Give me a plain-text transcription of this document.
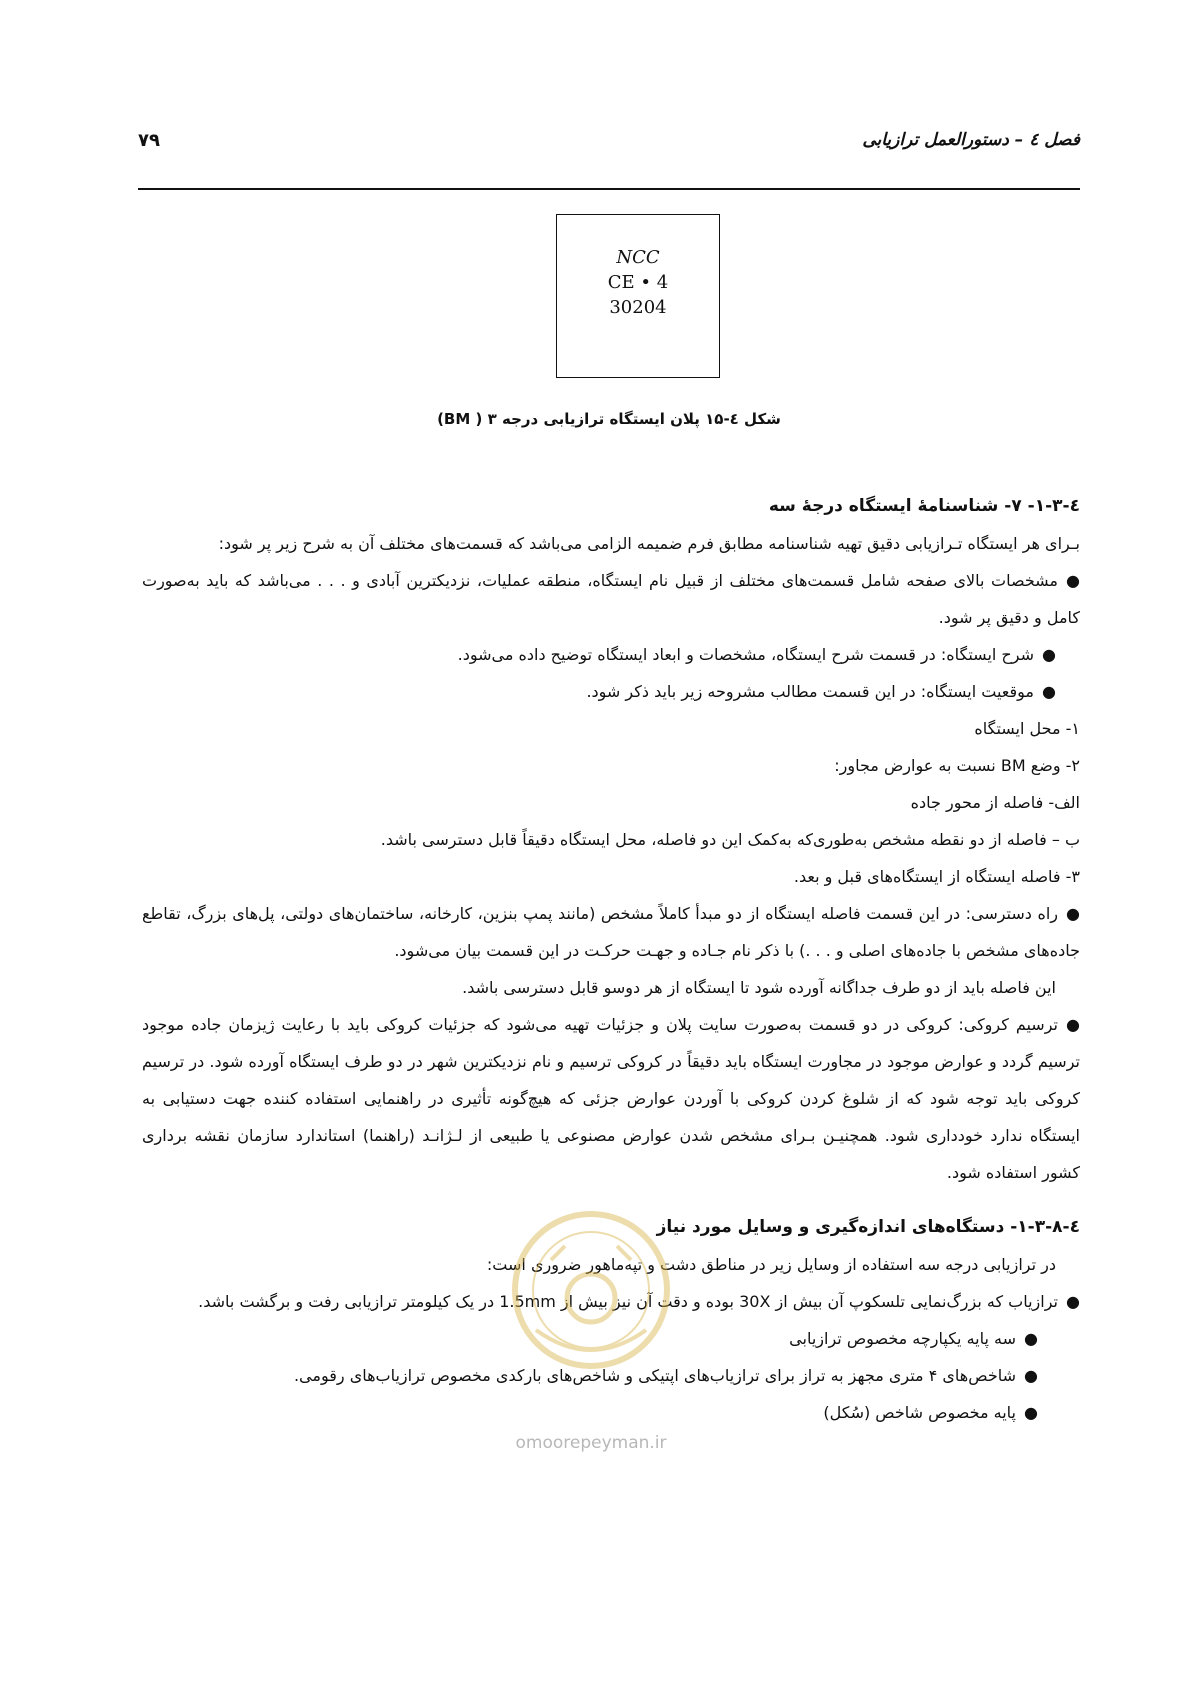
فصل ٤ – دستورالعمل ترازیابی
۷۹
NCC
CE • 4
30204
شکل ٤-۱۵ پلان ایستگاه ترازیابی درجه ۳ ( BM)

٤-۱-۳- ۷- شناسنامهٔ ایستگاه درجهٔ سه

بـرای هر ایستگاه تـرازیابی دقیق تهیه شناسنامه مطابق فرم ضمیمه الزامی می‌باشد که قسمت‌های مختلف آن به شرح زیر پر شود:

●مشخصات بالای صفحه شامل قسمت‌های مختلف از قبیل نام ایستگاه، منطقه عملیات، نزدیکترین آبادی و . . . می‌باشد که باید به‌صورت کامل و دقیق پر شود.

●شرح ایستگاه: در قسمت شرح ایستگاه، مشخصات و ابعاد ایستگاه توضیح داده می‌شود.

●موقعیت ایستگاه: در این قسمت مطالب مشروحه زیر باید ذکر شود.

۱- محل ایستگاه

۲- وضع BM نسبت به عوارض مجاور:

الف- فاصله از محور جاده

ب – فاصله از دو نقطه مشخص به‌طوری‌که به‌کمک این دو فاصله، محل ایستگاه دقیقاً قابل دسترسی باشد.

۳- فاصله ایستگاه از ایستگاه‌های قبل و بعد.

●راه دسترسی: در این قسمت فاصله ایستگاه از دو مبدأ کاملاً مشخص (مانند پمپ بنزین، کارخانه، ساختمان‌های دولتی، پل‌های بزرگ، تقاطع جاده‌های مشخص با جاده‌های اصلی و . . .) با ذکر نام جـاده و جهـت حرکـت در این قسمت بیان می‌شود.

این فاصله باید از دو طرف جداگانه آورده شود تا ایستگاه از هر دوسو قابل دسترسی باشد.

●ترسیم کروکی: کروکی در دو قسمت به‌صورت سایت پلان و جزئیات تهیه می‌شود که جزئیات کروکی باید با رعایت ژیزمان جاده موجود ترسیم گردد و عوارض موجود در مجاورت ایستگاه باید دقیقاً در کروکی ترسیم و نام نزدیکترین شهر در دو طرف ایستگاه آورده شود. در ترسیم کروکی باید توجه شود که از شلوغ کردن کروکی با آوردن عوارض جزئی که هیچ‌گونه تأثیری در راهنمایی استفاده کننده جهت دستیابی به ایستگاه ندارد خودداری شود. همچنیـن بـرای مشخص شدن عوارض مصنوعی یا طبیعی از لـژانـد (راهنما) استاندارد سازمان نقشه برداری کشور استفاده شود.

٤-۱-۳-۸- دستگاه‌های اندازه‌گیری و وسایل مورد نیاز

در ترازیابی درجه سه استفاده از وسایل زیر در مناطق دشت و تپه‌ماهور ضروری است:

●ترازیاب که بزرگ‌نمایی تلسکوپ آن بیش از 30X بوده و دقت آن نیز بیش از 1.5mm در یک کیلومتر ترازیابی رفت و برگشت باشد.

●سه پایه یکپارچه مخصوص ترازیابی

●شاخص‌های ۴ متری مجهز به تراز برای ترازیاب‌های اپتیکی و شاخص‌های بارکدی مخصوص ترازیاب‌های رقومی.

●پایه مخصوص شاخص (سُکل)

omoorepeyman.ir
